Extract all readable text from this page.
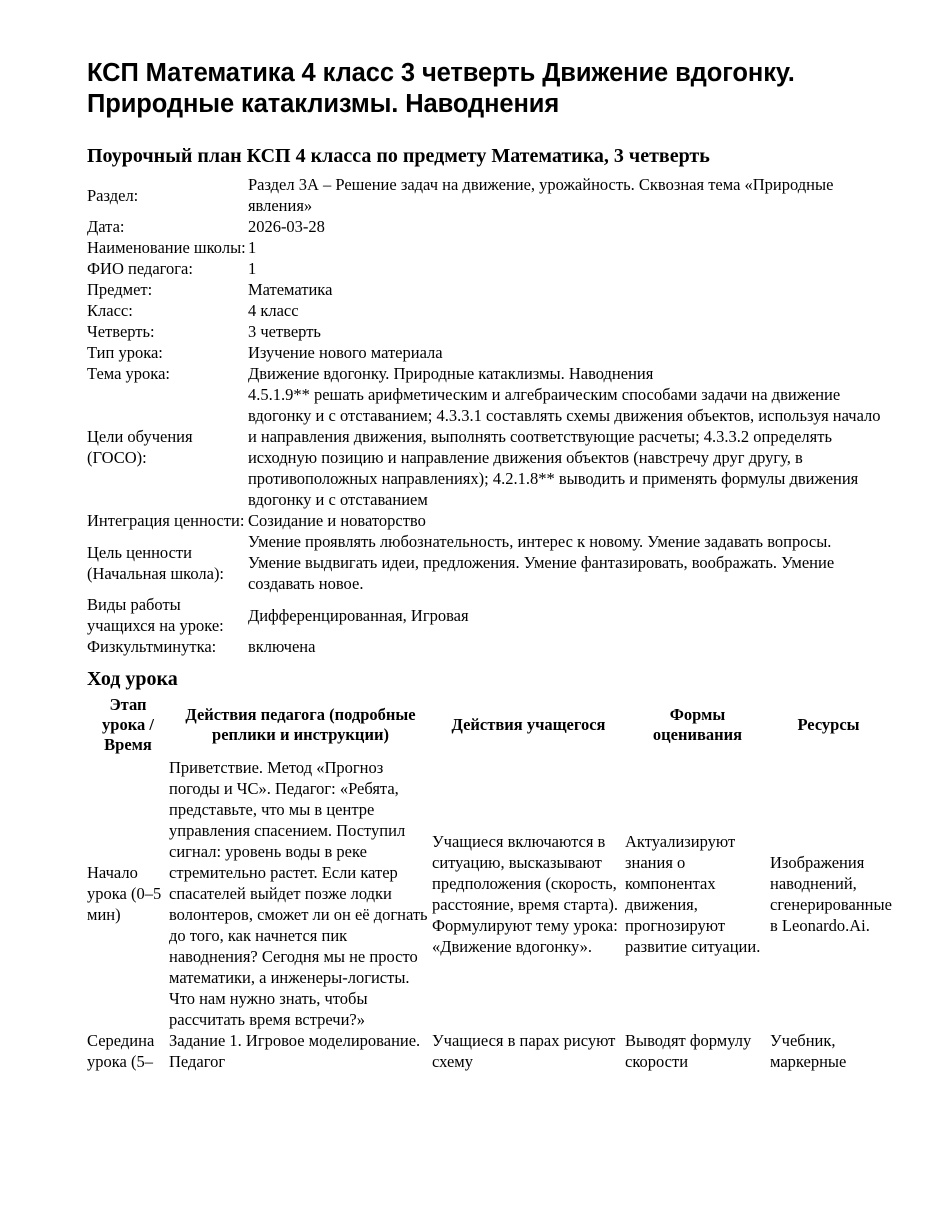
КСП Математика 4 класс 3 четверть Движение вдогонку. Природные катаклизмы. Наводнения
Поурочный план КСП 4 класса по предмету Математика, 3 четверть
Раздел:	Раздел 3А – Решение задач на движение, урожайность. Сквозная тема «Природные явления»
Дата:	2026-03-28
Наименование школы:	1
ФИО педагога:	1
Предмет:	Математика
Класс:	4 класс
Четверть:	3 четверть
Тип урока:	Изучение нового материала
Тема урока:	Движение вдогонку. Природные катаклизмы. Наводнения
Цели обучения (ГОСО):	4.5.1.9** решать арифметическим и алгебраическим способами задачи на движение вдогонку и с отставанием; 4.3.3.1 составлять схемы движения объектов, используя начало и направления движения, выполнять соответствующие расчеты; 4.3.3.2 определять исходную позицию и направление движения объектов (навстречу друг другу, в противоположных направлениях); 4.2.1.8** выводить и применять формулы движения вдогонку и с отставанием
Интеграция ценности:	Созидание и новаторство
Цель ценности (Начальная школа):	Умение проявлять любознательность, интерес к новому. Умение задавать вопросы. Умение выдвигать идеи, предложения. Умение фантазировать, воображать. Умение создавать новое.
Виды работы учащихся на уроке:	Дифференцированная, Игровая
Физкультминутка:	включена
Ход урока
Этап урока / Время	Действия педагога (подробные реплики и инструкции)	Действия учащегося	Формы оценивания	Ресурсы
Начало урока (0–5 мин)	Приветствие. Метод «Прогноз погоды и ЧС». Педагог: «Ребята, представьте, что мы в центре управления спасением. Поступил сигнал: уровень воды в реке стремительно растет. Если катер спасателей выйдет позже лодки волонтеров, сможет ли он её догнать до того, как начнется пик наводнения? Сегодня мы не просто математики, а инженеры-логисты. Что нам нужно знать, чтобы рассчитать время встречи?»	Учащиеся включаются в ситуацию, высказывают предположения (скорость, расстояние, время старта). Формулируют тему урока: «Движение вдогонку».	Актуализируют знания о компонентах движения, прогнозируют развитие ситуации.	Изображения наводнений, сгенерированные в Leonardo.Ai.
Середина урока (5–	Задание 1. Игровое моделирование. Педагог	Учащиеся в парах рисуют схему	Выводят формулу скорости	Учебник, маркерные
